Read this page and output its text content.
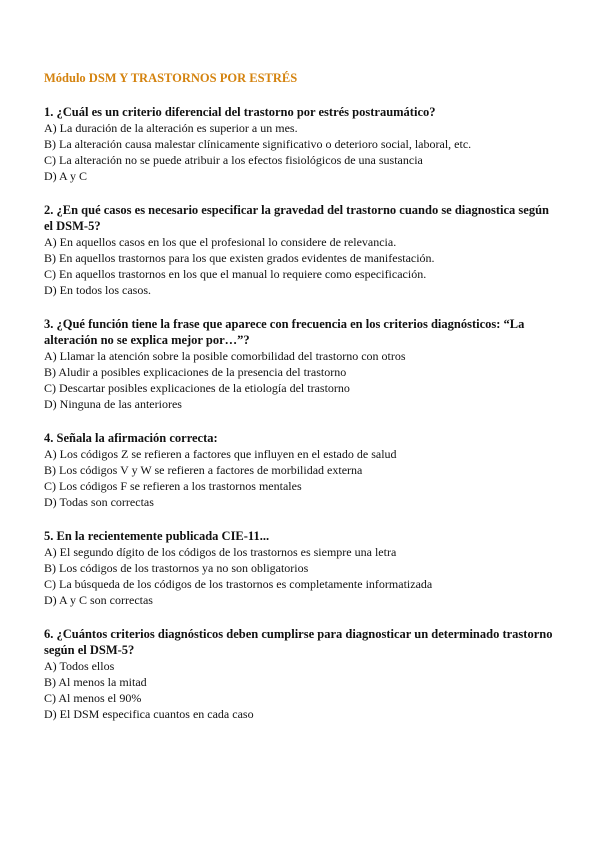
Módulo DSM Y TRASTORNOS POR ESTRÉS

1. ¿Cuál es un criterio diferencial del trastorno por estrés postraumático?

A) La duración de la alteración es superior a un mes.
B) La alteración causa malestar clínicamente significativo o deterioro social, laboral, etc.
C) La alteración no se puede atribuir a los efectos fisiológicos de una sustancia
D) A y C

2. ¿En qué casos es necesario especificar la gravedad del trastorno cuando se diagnostica según el DSM-5?

A) En aquellos casos en los que el profesional lo considere de relevancia.
B) En aquellos trastornos para los que existen grados evidentes de manifestación.
C) En aquellos trastornos en los que el manual lo requiere como especificación.
D) En todos los casos.

3. ¿Qué función tiene la frase que aparece con frecuencia en los criterios diagnósticos: “La alteración no se explica mejor por…”?

A) Llamar la atención sobre la posible comorbilidad del trastorno con otros
B) Aludir a posibles explicaciones de la presencia del trastorno
C) Descartar posibles explicaciones de la etiología del trastorno
D) Ninguna de las anteriores

4. Señala la afirmación correcta:

A) Los códigos Z se refieren a factores que influyen en el estado de salud
B) Los códigos V y W se refieren a factores de morbilidad externa
C) Los códigos F se refieren a los trastornos mentales
D) Todas son correctas

5. En la recientemente publicada CIE-11...

A) El segundo dígito de los códigos de los trastornos es siempre una letra
B) Los códigos de los trastornos ya no son obligatorios
C) La búsqueda de los códigos de los trastornos es completamente informatizada
D) A y C son correctas

6. ¿Cuántos criterios diagnósticos deben cumplirse para diagnosticar un determinado trastorno según el DSM-5?

A) Todos ellos
B) Al menos la mitad
C) Al menos el 90%
D) El DSM especifica cuantos en cada caso
